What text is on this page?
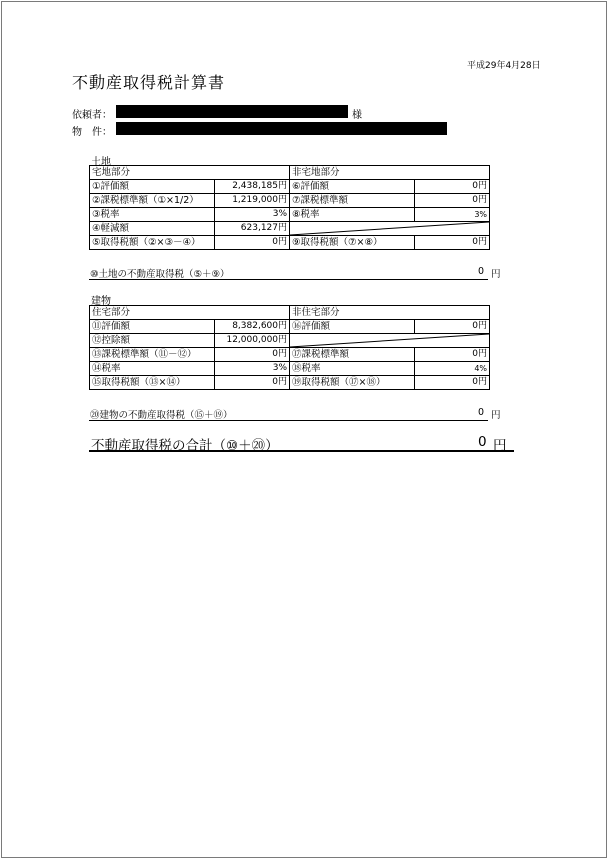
平成29年4月28日
不動産取得税計算書
依頼者：	様
物　件：
土地
宅地部分		非宅地部分	
①評価額	2,438,185円	⑥評価額	0円
②課税標準額（①×1/2）	1,219,000円	⑦課税標準額	0円
③税率	3%	⑧税率	3%
④軽減額	623,127円	

⑤取得税額（②×③－④）	0円	⑨取得税額（⑦×⑧）	0円
⑩土地の不動産取得税（⑤＋⑨）	0 円
建物
住宅部分		非住宅部分	
⑪評価額	8,382,600円	⑯評価額	0円
⑫控除額	12,000,000円	

⑬課税標準額（⑪－⑫）	0円	⑰課税標準額	0円
⑭税率	3%	⑱税率	4%
⑮取得税額（⑬×⑭）	0円	⑲取得税額（⑰×⑱）	0円
⑳建物の不動産取得税（⑮＋⑲）	0 円
不動産取得税の合計（⑩＋⑳）	0 円
